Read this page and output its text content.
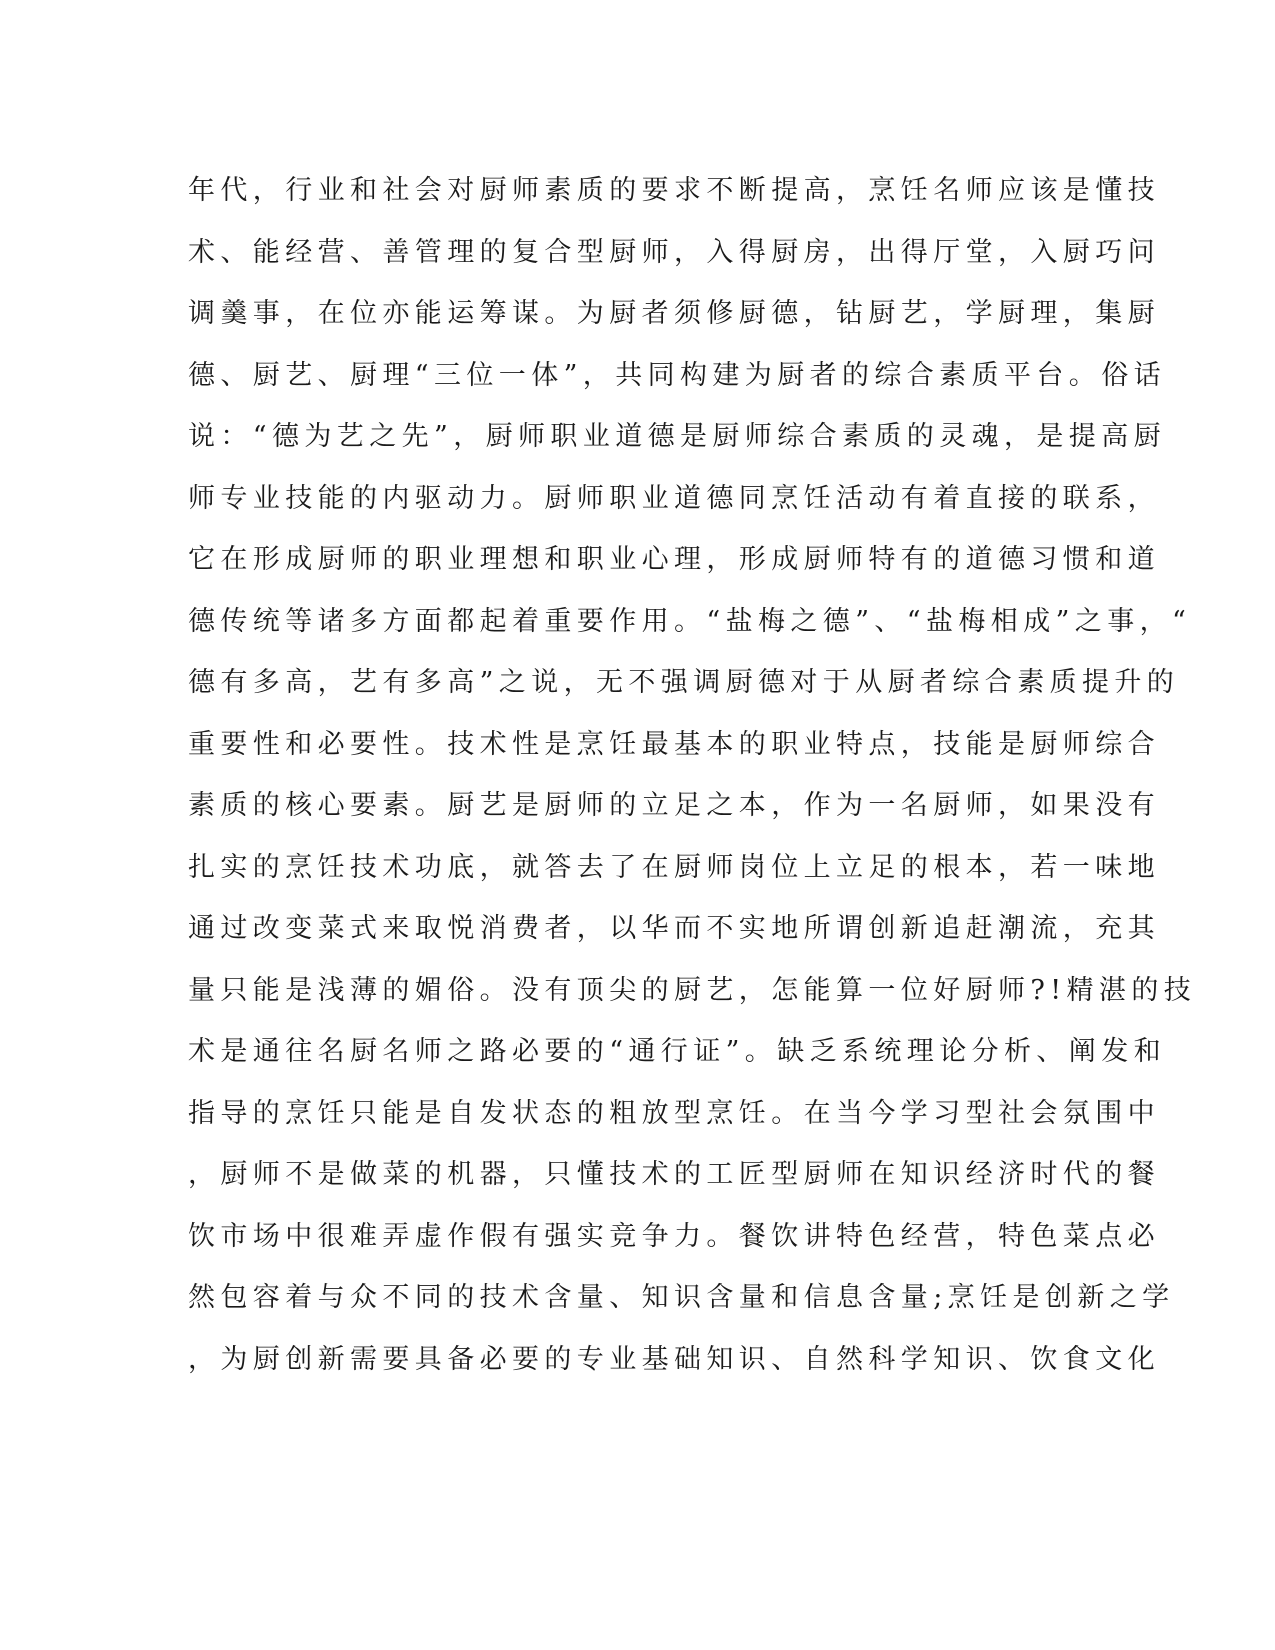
年代，行业和社会对厨师素质的要求不断提高，烹饪名师应该是懂技
术、能经营、善管理的复合型厨师，入得厨房，出得厅堂，入厨巧问
调羹事，在位亦能运筹谋。为厨者须修厨德，钻厨艺，学厨理，集厨
德、厨艺、厨理“三位一体”，共同构建为厨者的综合素质平台。俗话
说：“德为艺之先”，厨师职业道德是厨师综合素质的灵魂，是提高厨
师专业技能的内驱动力。厨师职业道德同烹饪活动有着直接的联系，
它在形成厨师的职业理想和职业心理，形成厨师特有的道德习惯和道
德传统等诸多方面都起着重要作用。“盐梅之德”、“盐梅相成”之事，“
德有多高，艺有多高”之说，无不强调厨德对于从厨者综合素质提升的
重要性和必要性。技术性是烹饪最基本的职业特点，技能是厨师综合
素质的核心要素。厨艺是厨师的立足之本，作为一名厨师，如果没有
扎实的烹饪技术功底，就答去了在厨师岗位上立足的根本，若一味地
通过改变菜式来取悦消费者，以华而不实地所谓创新追赶潮流，充其
量只能是浅薄的媚俗。没有顶尖的厨艺，怎能算一位好厨师?!精湛的技
术是通往名厨名师之路必要的“通行证”。缺乏系统理论分析、阐发和
指导的烹饪只能是自发状态的粗放型烹饪。在当今学习型社会氛围中
，厨师不是做菜的机器，只懂技术的工匠型厨师在知识经济时代的餐
饮市场中很难弄虚作假有强实竞争力。餐饮讲特色经营，特色菜点必
然包容着与众不同的技术含量、知识含量和信息含量;烹饪是创新之学
，为厨创新需要具备必要的专业基础知识、自然科学知识、饮食文化
